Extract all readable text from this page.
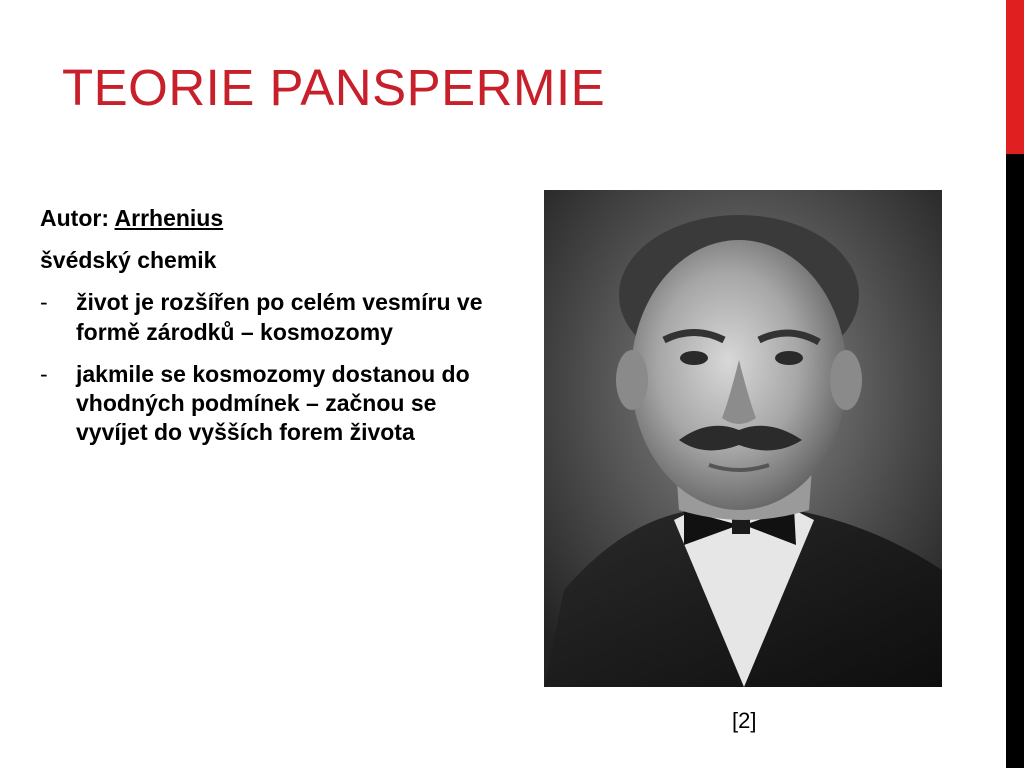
TEORIE PANSPERMIE

Autor: Arrhenius

švédský chemik

-	život je rozšířen po celém vesmíru ve formě zárodků – kosmozomy
-	jakmile se kosmozomy dostanou do vhodných podmínek – začnou se vyvíjet do vyšších forem života
[2]
